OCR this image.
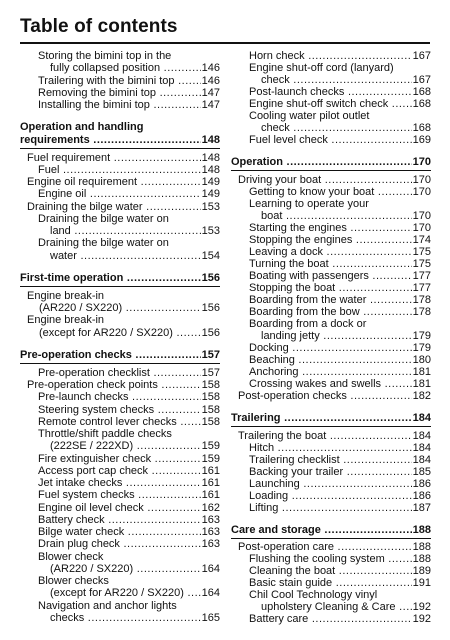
Table of contents
Storing the bimini top in the
fully collapsed position .....	146
Trailering with the bimini top .....	146
Removing the bimini top .....	147
Installing the bimini top .....	147
Operation and handling
requirements .....	148
Fuel requirement .....	148
Fuel .....	148
Engine oil requirement .....	149
Engine oil .....	149
Draining the bilge water .....	153
Draining the bilge water on
land .....	153
Draining the bilge water on
water .....	154
First-time operation .....	156
Engine break-in
(AR220 / SX220) .....	156
Engine break-in
(except for AR220 / SX220) .....	156
Pre-operation checks .....	157
Pre-operation checklist .....	157
Pre-operation check points .....	158
Pre-launch checks .....	158
Steering system checks .....	158
Remote control lever checks .....	158
Throttle/shift paddle checks
(222SE / 222XD) .....	159
Fire extinguisher check .....	159
Access port cap check .....	161
Jet intake checks .....	161
Fuel system checks .....	161
Engine oil level check .....	162
Battery check .....	163
Bilge water check .....	163
Drain plug check .....	163
Blower check
(AR220 / SX220) .....	164
Blower checks
(except for AR220 / SX220) .....	164
Navigation and anchor lights
checks .....	165
Horn check .....	167
Engine shut-off cord (lanyard)
check .....	167
Post-launch checks .....	168
Engine shut-off switch check .....	168
Cooling water pilot outlet
check .....	168
Fuel level check .....	169
Operation .....	170
Driving your boat .....	170
Getting to know your boat .....	170
Learning to operate your
boat .....	170
Starting the engines .....	170
Stopping the engines .....	174
Leaving a dock .....	175
Turning the boat .....	175
Boating with passengers .....	177
Stopping the boat .....	177
Boarding from the water .....	178
Boarding from the bow .....	178
Boarding from a dock or
landing jetty .....	179
Docking .....	179
Beaching .....	180
Anchoring .....	181
Crossing wakes and swells .....	181
Post-operation checks .....	182
Trailering .....	184
Trailering the boat .....	184
Hitch .....	184
Trailering checklist .....	184
Backing your trailer .....	185
Launching .....	186
Loading .....	186
Lifting .....	187
Care and storage .....	188
Post-operation care .....	188
Flushing the cooling system .....	188
Cleaning the boat .....	189
Basic stain guide .....	191
Chil Cool Technology vinyl
upholstery Cleaning & Care .....	192
Battery care .....	192
